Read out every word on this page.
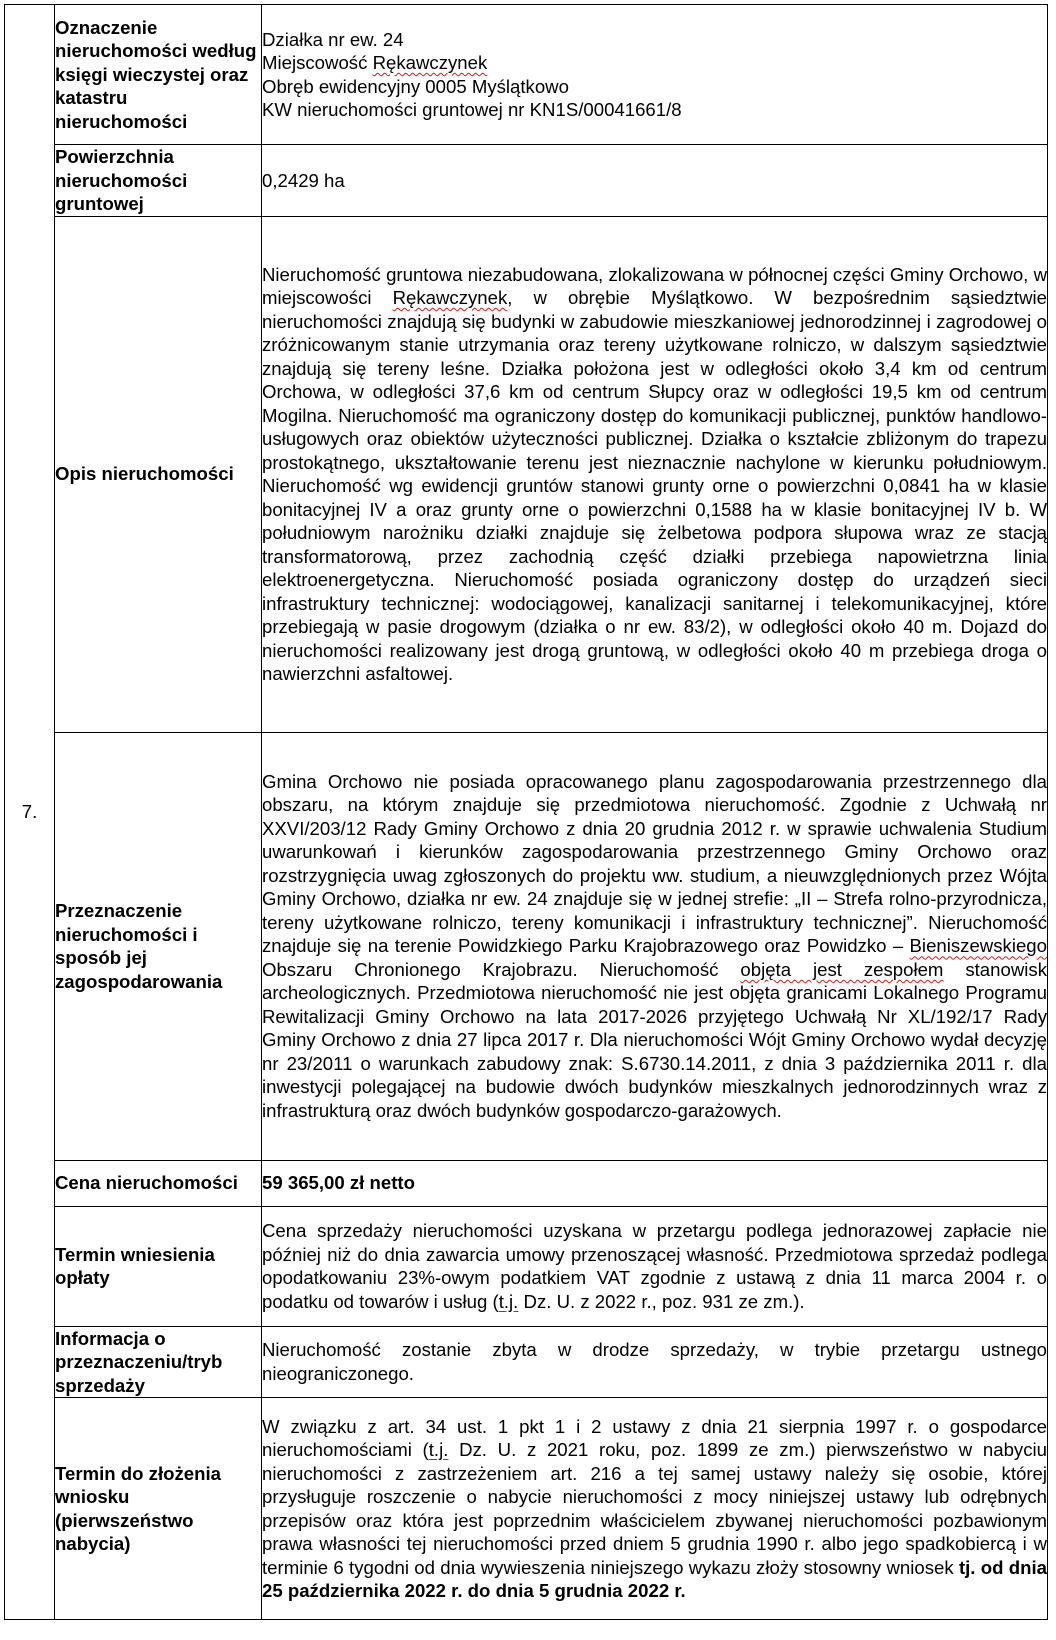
7.	Oznaczenie nieruchomości według księgi wieczystej oraz katastru nieruchomości	Działka nr ew. 24
Miejscowość Rękawczynek
Obręb ewidencyjny 0005 Myślątkowo
KW nieruchomości gruntowej nr KN1S/00041661/8

	Powierzchnia nieruchomości gruntowej	0,2429 ha
	Opis nieruchomości	Nieruchomość gruntowa niezabudowana, zlokalizowana w północnej części Gminy Orchowo, w miejscowości Rękawczynek, w obrębie Myślątkowo. W bezpośrednim sąsiedztwie nieruchomości znajdują się budynki w zabudowie mieszkaniowej jednorodzinnej i zagrodowej o zróżnicowanym stanie utrzymania oraz tereny użytkowane rolniczo, w dalszym sąsiedztwie znajdują się tereny leśne. Działka położona jest w odległości około 3,4 km od centrum Orchowa, w odległości 37,6 km od centrum Słupcy oraz w odległości 19,5 km od centrum Mogilna. Nieruchomość ma ograniczony dostęp do komunikacji publicznej, punktów handlowo-usługowych oraz obiektów użyteczności publicznej. Działka o kształcie zbliżonym do trapezu prostokątnego, ukształtowanie terenu jest nieznacznie nachylone w kierunku południowym. Nieruchomość wg ewidencji gruntów stanowi grunty orne o powierzchni 0,0841 ha w klasie bonitacyjnej IV a oraz grunty orne o powierzchni 0,1588 ha w klasie bonitacyjnej IV b. W południowym narożniku działki znajduje się żelbetowa podpora słupowa wraz ze stacją transformatorową, przez zachodnią część działki przebiega napowietrzna linia elektroenergetyczna. Nieruchomość posiada ograniczony dostęp do urządzeń sieci infrastruktury technicznej: wodociągowej, kanalizacji sanitarnej i telekomunikacyjnej, które przebiegają w pasie drogowym (działka o nr ew. 83/2), w odległości około 40 m. Dojazd do nieruchomości realizowany jest drogą gruntową, w odległości około 40 m przebiega droga o nawierzchni asfaltowej.
	Przeznaczenie nieruchomości i sposób jej zagospodarowania	Gmina Orchowo nie posiada opracowanego planu zagospodarowania przestrzennego dla obszaru, na którym znajduje się przedmiotowa nieruchomość. Zgodnie z Uchwałą nr XXVI/203/12 Rady Gminy Orchowo z dnia 20 grudnia 2012 r. w sprawie uchwalenia Studium uwarunkowań i kierunków zagospodarowania przestrzennego Gminy Orchowo oraz rozstrzygnięcia uwag zgłoszonych do projektu ww. studium, a nieuwzględnionych przez Wójta Gminy Orchowo, działka nr ew. 24 znajduje się w jednej strefie: „II – Strefa rolno-przyrodnicza, tereny użytkowane rolniczo, tereny komunikacji i infrastruktury technicznej”. Nieruchomość znajduje się na terenie Powidzkiego Parku Krajobrazowego oraz Powidzko – Bieniszewskiego Obszaru Chronionego Krajobrazu. Nieruchomość objęta jest zespołem stanowisk archeologicznych. Przedmiotowa nieruchomość nie jest objęta granicami Lokalnego Programu Rewitalizacji Gminy Orchowo na lata 2017-2026 przyjętego Uchwałą Nr XL/192/17 Rady Gminy Orchowo z dnia 27 lipca 2017 r. Dla nieruchomości Wójt Gminy Orchowo wydał decyzję nr 23/2011 o warunkach zabudowy znak: S.6730.14.2011, z dnia 3 października 2011 r. dla inwestycji polegającej na budowie dwóch budynków mieszkalnych jednorodzinnych wraz z infrastrukturą oraz dwóch budynków gospodarczo-garażowych.
	Cena nieruchomości	59 365,00 zł netto
	Termin wniesienia opłaty	Cena sprzedaży nieruchomości uzyskana w przetargu podlega jednorazowej zapłacie nie później niż do dnia zawarcia umowy przenoszącej własność. Przedmiotowa sprzedaż podlega opodatkowaniu 23%-owym podatkiem VAT zgodnie z ustawą z dnia 11 marca 2004 r. o podatku od towarów i usług (t.j. Dz. U. z 2022 r., poz. 931 ze zm.).
	Informacja o przeznaczeniu/tryb sprzedaży	Nieruchomość zostanie zbyta w drodze sprzedaży, w trybie przetargu ustnego nieograniczonego.
	Termin do złożenia wniosku (pierwszeństwo nabycia)	W związku z art. 34 ust. 1 pkt 1 i 2 ustawy z dnia 21 sierpnia 1997 r. o gospodarce nieruchomościami (t.j. Dz. U. z 2021 roku, poz. 1899 ze zm.) pierwszeństwo w nabyciu nieruchomości z zastrzeżeniem art. 216 a tej samej ustawy należy się osobie, której przysługuje roszczenie o nabycie nieruchomości z mocy niniejszej ustawy lub odrębnych przepisów oraz która jest poprzednim właścicielem zbywanej nieruchomości pozbawionym prawa własności tej nieruchomości przed dniem 5 grudnia 1990 r. albo jego spadkobiercą i w terminie 6 tygodni od dnia wywieszenia niniejszego wykazu złoży stosowny wniosek tj. od dnia 25 października 2022 r. do dnia 5 grudnia 2022 r.
